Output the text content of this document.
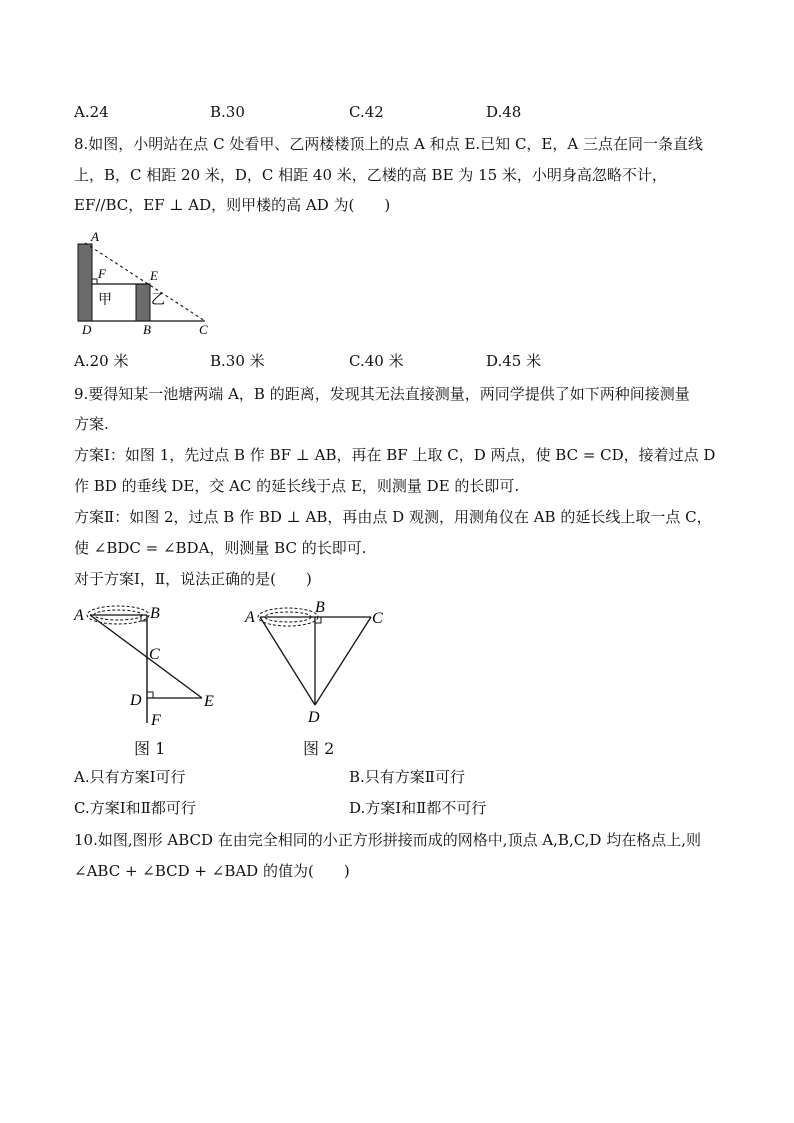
A.24	B.30	C.42	D.48
8.如图，小明站在点 C 处看甲、乙两楼楼顶上的点 A 和点 E.已知 C，E，A 三点在同一条直线
上，B，C 相距 20 米，D，C 相距 40 米，乙楼的高 BE 为 15 米，小明身高忽略不计，
EF//BC，EF ⊥ AD，则甲楼的高 AD 为(　　)
A
F	E
甲	乙
D	B	C
A.20 米	B.30 米	C.40 米	D.45 米
9.要得知某一池塘两端 A，B 的距离，发现其无法直接测量，两同学提供了如下两种间接测量
方案.
方案Ⅰ：如图 1，先过点 B 作 BF ⊥ AB，再在 BF 上取 C，D 两点，使 BC = CD，接着过点 D
作 BD 的垂线 DE，交 AC 的延长线于点 E，则测量 DE 的长即可.
方案Ⅱ：如图 2，过点 B 作 BD ⊥ AB，再由点 D 观测，用测角仪在 AB 的延长线上取一点 C，
使 ∠BDC = ∠BDA，则测量 BC 的长即可.
对于方案Ⅰ，Ⅱ，说法正确的是(　　)
A	B
C
D	E
F
图 1
A
B
C
D
图 2
A.只有方案Ⅰ可行	B.只有方案Ⅱ可行
C.方案Ⅰ和Ⅱ都可行	D.方案Ⅰ和Ⅱ都不可行
10.如图,图形 ABCD 在由完全相同的小正方形拼接而成的网格中,顶点 A,B,C,D 均在格点上,则
∠ABC + ∠BCD + ∠BAD 的值为(　　)
